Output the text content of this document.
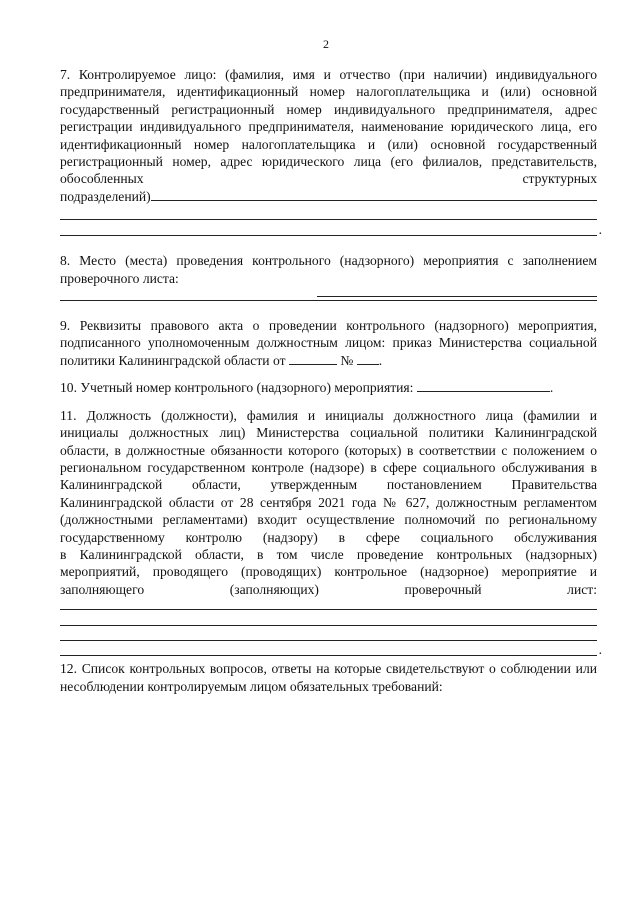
2
7. Контролируемое лицо: (фамилия, имя и отчество (при наличии) индивидуального предпринимателя, идентификационный номер налогоплательщика и (или) основной государственный регистрационный номер индивидуального предпринимателя, адрес регистрации индивидуального предпринимателя, наименование юридического лица, его идентификационный номер налогоплательщика и (или) основной государственный регистрационный номер, адрес юридического лица (его филиалов, представительств, обособленных структурных
подразделений)
.
8. Место (места) проведения контрольного (надзорного) мероприятия с заполнением проверочного листа:
9. Реквизиты правового акта о проведении контрольного (надзорного) мероприятия, подписанного уполномоченным должностным лицом: приказ Министерства социальной политики Калининградской области от	№ .
10. Учетный номер контрольного (надзорного) мероприятия:	.
11. Должность (должности), фамилия и инициалы должностного лица (фамилии и инициалы должностных лиц) Министерства социальной политики Калининградской области, в должностные обязанности которого (которых) в соответствии с положением о региональном государственном контроле (надзоре) в сфере социального обслуживания в Калининградской области, утвержденным постановлением Правительства Калининградской области от 28 сентября 2021 года № 627, должностным регламентом (должностными регламентами) входит осуществление полномочий по региональному государственному контролю (надзору) в сфере социального обслуживания
в Калининградской области, в том числе проведение контрольных (надзорных) мероприятий, проводящего (проводящих) контрольное (надзорное) мероприятие и заполняющего (заполняющих) проверочный лист:
.
12. Список контрольных вопросов, ответы на которые свидетельствуют о соблюдении или несоблюдении контролируемым лицом обязательных требований:
